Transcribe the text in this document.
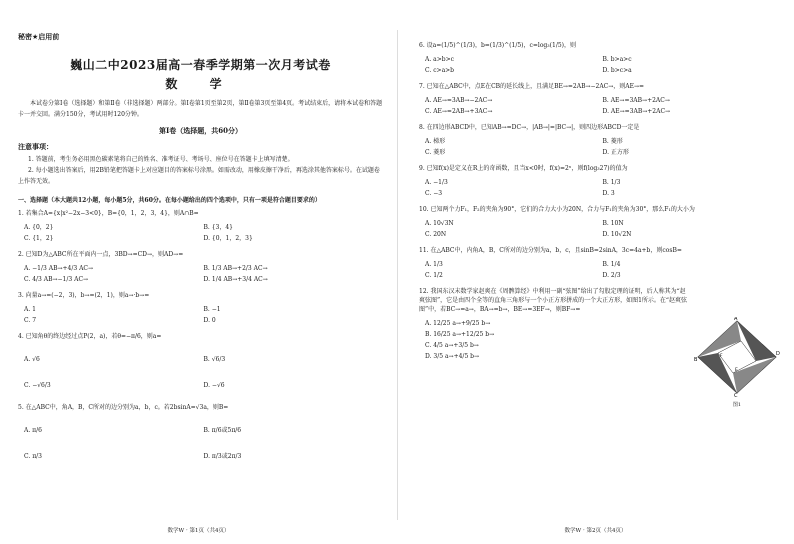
秘密★启用前
巍山二中2023届高一春季学期第一次月考试卷
数 学
本试卷分第Ⅰ卷（选择题）和第Ⅱ卷（非选择题）两部分。第Ⅰ卷第1页至第2页，第Ⅱ卷第3页至第4页。考试结束后，请将本试卷和答题卡一并交回。满分150分，考试用时120分钟。
第Ⅰ卷（选择题，共60分）
注意事项：
1. 答题前，考生务必用黑色碳素笔将自己的姓名、准考证号、考场号、座位号在答题卡上填写清楚。
2. 每小题选出答案后，用2B铅笔把答题卡上对应题目的答案标号涂黑。如需改动，用橡皮擦干净后，再选涂其他答案标号。在试题卷上作答无效。
一、选择题（本大题共12小题，每小题5分，共60分。在每小题给出的四个选项中，只有一项是符合题目要求的）
1. 若集合A={x|x²−2x−3<0}，B={0，1，2，3，4}，则A∩B=
A. {0，2}	B. {3，4}
C. {1，2}	D. {0，1，2，3}
2. 已知D为△ABC所在平面内一点，3BD→=CD→，则AD→=
A. −1/3 AB→+4/3 AC→	B. 1/3 AB→+2/3 AC→
C. 4/3 AB→−1/3 AC→	D. 1/4 AB→+3/4 AC→
3. 向量a→=(−2，3)，b→=(2，1)，则a→·b→=
A. 1	B. −1
C. 7	D. 0
4. 已知角θ的终边经过点P(2，a)，若θ=−π/6，则a=
A. √6	B. √6/3
C. −√6/3	D. −√6
5. 在△ABC中，角A，B，C所对的边分别为a，b，c。若2bsinA=√3a，则B=
A. π/6	B. π/6或5π/6
C. π/3	D. π/3或2π/3
数学W · 第1页（共4页）
6. 设a=(1/5)^(1/3)，b=(1/3)^(1/5)，c=log₃(1/5)，则
A. a>b>c	B. b>a>c
C. c>a>b	D. b>c>a
7. 已知在△ABC中，点E在CB的延长线上，且满足BE→=2AB→−2AC→，则AE→=
A. AE→=3AB→−2AC→	B. AE→=3AB→+2AC→
C. AE→=2AB→+3AC→	D. AE→=3AB→+2AC→
8. 在四边形ABCD中，已知AB→=DC→，|AB→|=|BC→|，则四边形ABCD一定是
A. 梯形	B. 菱形
C. 菱形	D. 正方形
9. 已知f(x)是定义在R上的奇函数，且当x<0时，f(x)=2ˣ，则f(log₃27)的值为
A. −1/3	B. 1/3
C. −3	D. 3
10. 已知两个力F₁，F₂的夹角为90°，它们的合力大小为20N，合力与F₁的夹角为30°，那么F₁的大小为
A. 10√3N	B. 10N
C. 20N	D. 10√2N
11. 在△ABC中，内角A，B，C所对的边分别为a，b，c，且sinB=2sinA，3c=4a+b，则cosB=
A. 1/3	B. 1/4
C. 1/2	D. 2/3
12. 我国东汉末数学家赵爽在《周髀算经》中利用一副“弦图”给出了勾股定理的证明，后人称其为“赵爽弦图”，它是由四个全等的直角三角形与一个小正方形拼成的一个大正方形，如图1所示。在“赵爽弦图”中，若BC→=a→，BA→=b→，BE→=3EF→，则BF→=
A. 12/25 a→+9/25 b→
B. 16/25 a→+12/25 b→
C. 4/5 a→+3/5 b→
D. 3/5 a→+4/5 b→
A
B
C
D
E
F
图1
数学W · 第2页（共4页）
